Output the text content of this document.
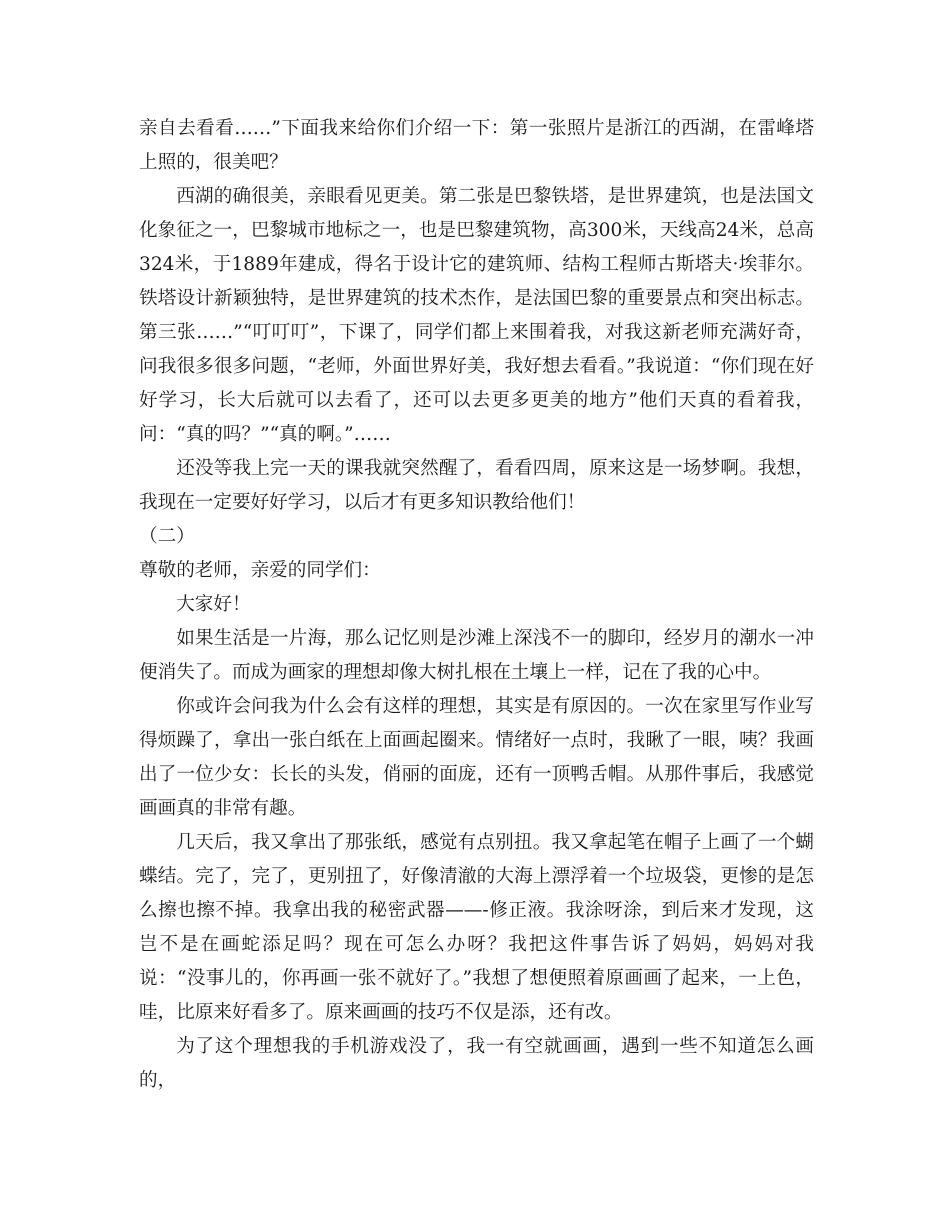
亲自去看看……”下面我来给你们介绍一下：第一张照片是浙江的西湖，在雷峰塔上照的，很美吧？

西湖的确很美，亲眼看见更美。第二张是巴黎铁塔，是世界建筑，也是法国文化象征之一，巴黎城市地标之一，也是巴黎建筑物，高300米，天线高24米，总高324米，于1889年建成，得名于设计它的建筑师、结构工程师古斯塔夫·埃菲尔。铁塔设计新颖独特，是世界建筑的技术杰作，是法国巴黎的重要景点和突出标志。第三张……”“叮叮叮”，下课了，同学们都上来围着我，对我这新老师充满好奇，问我很多很多问题，“老师，外面世界好美，我好想去看看。”我说道：“你们现在好好学习，长大后就可以去看了，还可以去更多更美的地方”他们天真的看着我，问：“真的吗？”“真的啊。”……

还没等我上完一天的课我就突然醒了，看看四周，原来这是一场梦啊。我想，我现在一定要好好学习，以后才有更多知识教给他们！

（二）

尊敬的老师，亲爱的同学们：

大家好！

如果生活是一片海，那么记忆则是沙滩上深浅不一的脚印，经岁月的潮水一冲便消失了。而成为画家的理想却像大树扎根在土壤上一样，记在了我的心中。

你或许会问我为什么会有这样的理想，其实是有原因的。一次在家里写作业写得烦躁了，拿出一张白纸在上面画起圈来。情绪好一点时，我瞅了一眼，咦？我画出了一位少女：长长的头发，俏丽的面庞，还有一顶鸭舌帽。从那件事后，我感觉画画真的非常有趣。

几天后，我又拿出了那张纸，感觉有点别扭。我又拿起笔在帽子上画了一个蝴蝶结。完了，完了，更别扭了，好像清澈的大海上漂浮着一个垃圾袋，更惨的是怎么擦也擦不掉。我拿出我的秘密武器——-修正液。我涂呀涂，到后来才发现，这岂不是在画蛇添足吗？现在可怎么办呀？我把这件事告诉了妈妈，妈妈对我说：“没事儿的，你再画一张不就好了。”我想了想便照着原画画了起来，一上色，哇，比原来好看多了。原来画画的技巧不仅是添，还有改。

为了这个理想我的手机游戏没了，我一有空就画画，遇到一些不知道怎么画的，
